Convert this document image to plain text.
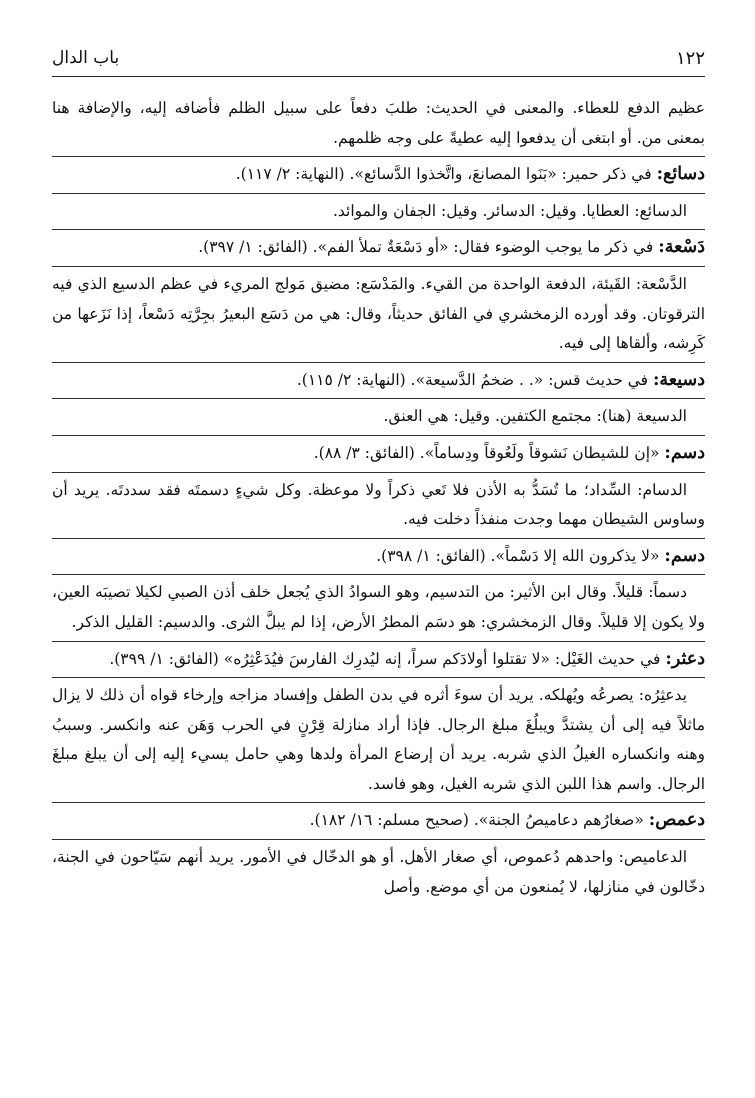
١٢٢
باب الدال

عظيم الدفع للعطاء. والمعنى في الحديث: طلبَ دفعاً على سبيل الظلم فأضافه إليه، والإضافة هنا بمعنى من. أو ابتغى أن يدفعوا إليه عطيةً على وجه ظلمهم.

دسائع: في ذكر حمير: «بَنَوا المصانعَ، واتَّخذوا الدَّسائع». (النهاية: ٢/ ١١٧).

الدسائع: العطايا. وقيل: الدسائر. وقيل: الجفان والموائد.

دَسْعة: في ذكر ما يوجب الوضوء فقال: «أو دَسْعَةٌ تملأ الفم». (الفائق: ١/ ٣٩٧).

الدَّسْعة: القَيئة، الدفعة الواحدة من القيء. والمَدْسَع: مضيق مَولج المريء في عظم الدسيع الذي فيه الترقوتان. وقد أورده الزمخشري في الفائق حديثاً، وقال: هي من دَسَع البعيرُ بجِرَّتِه دَسْعاً، إذا نَزَعها من كَرِشه، وألقاها إلى فيه.

دسيعة: في حديث قس: «. . ضخمُ الدَّسيعة». (النهاية: ٢/ ١١٥).

الدسيعة (هنا): مجتمع الكتفين. وقيل: هي العنق.

دسم: «إن للشيطان نَشوقاً ولَعُوقاً ودِساماً». (الفائق: ٣/ ٨٨).

الدسام: السِّداد؛ ما تُسَدُّ به الأذن فلا تَعي ذكراً ولا موعظة. وكل شيءٍ دسمتَه فقد سددتَه. يريد أن وساوس الشيطان مهما وجدت منفذاً دخلت فيه.

دسم: «لا يذكرون الله إلا دَسْماً». (الفائق: ١/ ٣٩٨).

دسماً: قليلاً. وقال ابن الأثير: من التدسيم، وهو السوادُ الذي يُجعل خلف أذن الصبي لكيلا تصيبَه العين، ولا يكون إلا قليلاً. وقال الزمخشري: هو دسَم المطرُ الأرض، إذا لم يبلَّ الثرى. والدسيم: القليل الذكر.

دعثر: في حديث الغَيْل: «لا تقتلوا أولادَكم سراً، إنه ليُدرِك الفارسَ فيُدَعْثِرُه» (الفائق: ١/ ٣٩٩).

يدعثِرُه: يصرعُه ويُهلكه. يريد أن سوءَ أثره في بدن الطفل وإفساد مزاجه وإرخاء قواه أن ذلك لا يزال ماثلاً فيه إلى أن يشتدَّ ويبلُغَ مبلغ الرجال. فإذا أراد منازلة قِرْنٍ في الحرب وَهَن عنه وانكسر. وسببُ وهنه وانكساره الغيلُ الذي شربه. يريد أن إرضاع المرأة ولدها وهي حامل يسيء إليه إلى أن يبلغ مبلغَ الرجال. واسم هذا اللبن الذي شربه الغيل، وهو فاسد.

دعمص: «صغارُهم دعاميصُ الجنة». (صحيح مسلم: ١٦/ ١٨٢).

الدعاميص: واحدهم دُعموص، أي صغار الأهل. أو هو الدخّال في الأمور. يريد أنهم سَيّاحون في الجنة، دخّالون في منازلها، لا يُمنعون من أي موضع. وأصل
